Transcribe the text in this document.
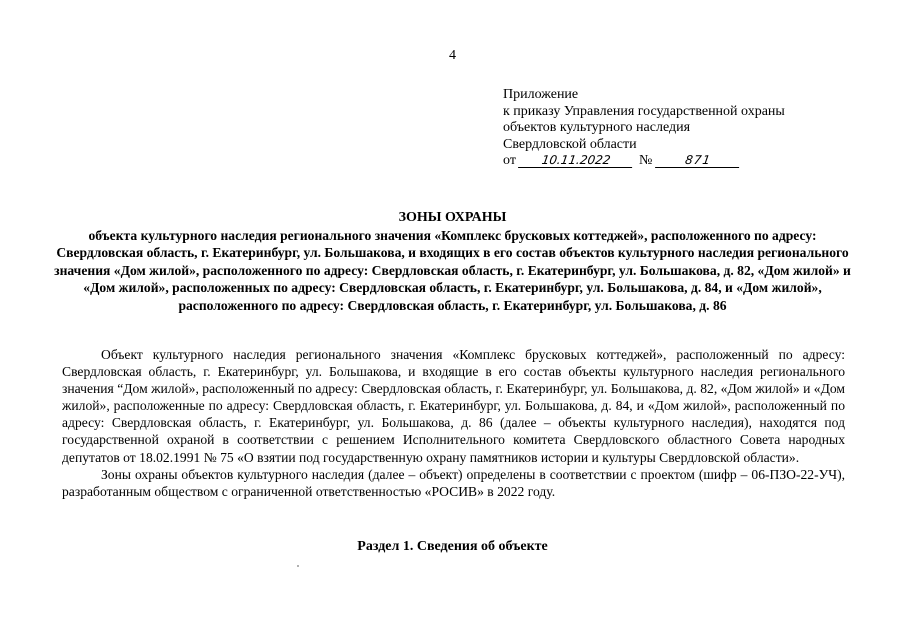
4
Приложение
к приказу Управления государственной охраны
объектов культурного наследия
Свердловской области
от	10.11.2022	№	871
ЗОНЫ ОХРАНЫ
объекта культурного наследия регионального значения «Комплекс брусковых коттеджей», расположенного по адресу: Свердловская область, г. Екатеринбург, ул. Большакова, и входящих в его состав объектов культурного наследия регионального значения «Дом жилой», расположенного по адресу: Свердловская область, г. Екатеринбург, ул. Большакова, д. 82, «Дом жилой» и «Дом жилой», расположенных по адресу: Свердловская область, г. Екатеринбург, ул. Большакова, д. 84, и «Дом жилой», расположенного по адресу: Свердловская область, г. Екатеринбург, ул. Большакова, д. 86

Объект культурного наследия регионального значения «Комплекс брусковых коттеджей», расположенный по адресу: Свердловская область, г. Екатеринбург, ул. Большакова, и входящие в его состав объекты культурного наследия регионального значения “Дом жилой», расположенный по адресу: Свердловская область, г. Екатеринбург, ул. Большакова, д. 82, «Дом жилой» и «Дом жилой», расположенные по адресу: Свердловская область, г. Екатеринбург, ул. Большакова, д. 84, и «Дом жилой», расположенный по адресу: Свердловская область, г. Екатеринбург, ул. Большакова, д. 86 (далее – объекты культурного наследия), находятся под государственной охраной в соответствии с решением Исполнительного комитета Свердловского областного Совета народных депутатов от 18.02.1991 № 75 «О взятии под государственную охрану памятников истории и культуры Свердловской области».

Зоны охраны объектов культурного наследия (далее – объект) определены в соответствии с проектом (шифр – 06-ПЗО-22-УЧ), разработанным обществом с ограниченной ответственностью «РОСИВ» в 2022 году.

Раздел 1. Сведения об объекте
